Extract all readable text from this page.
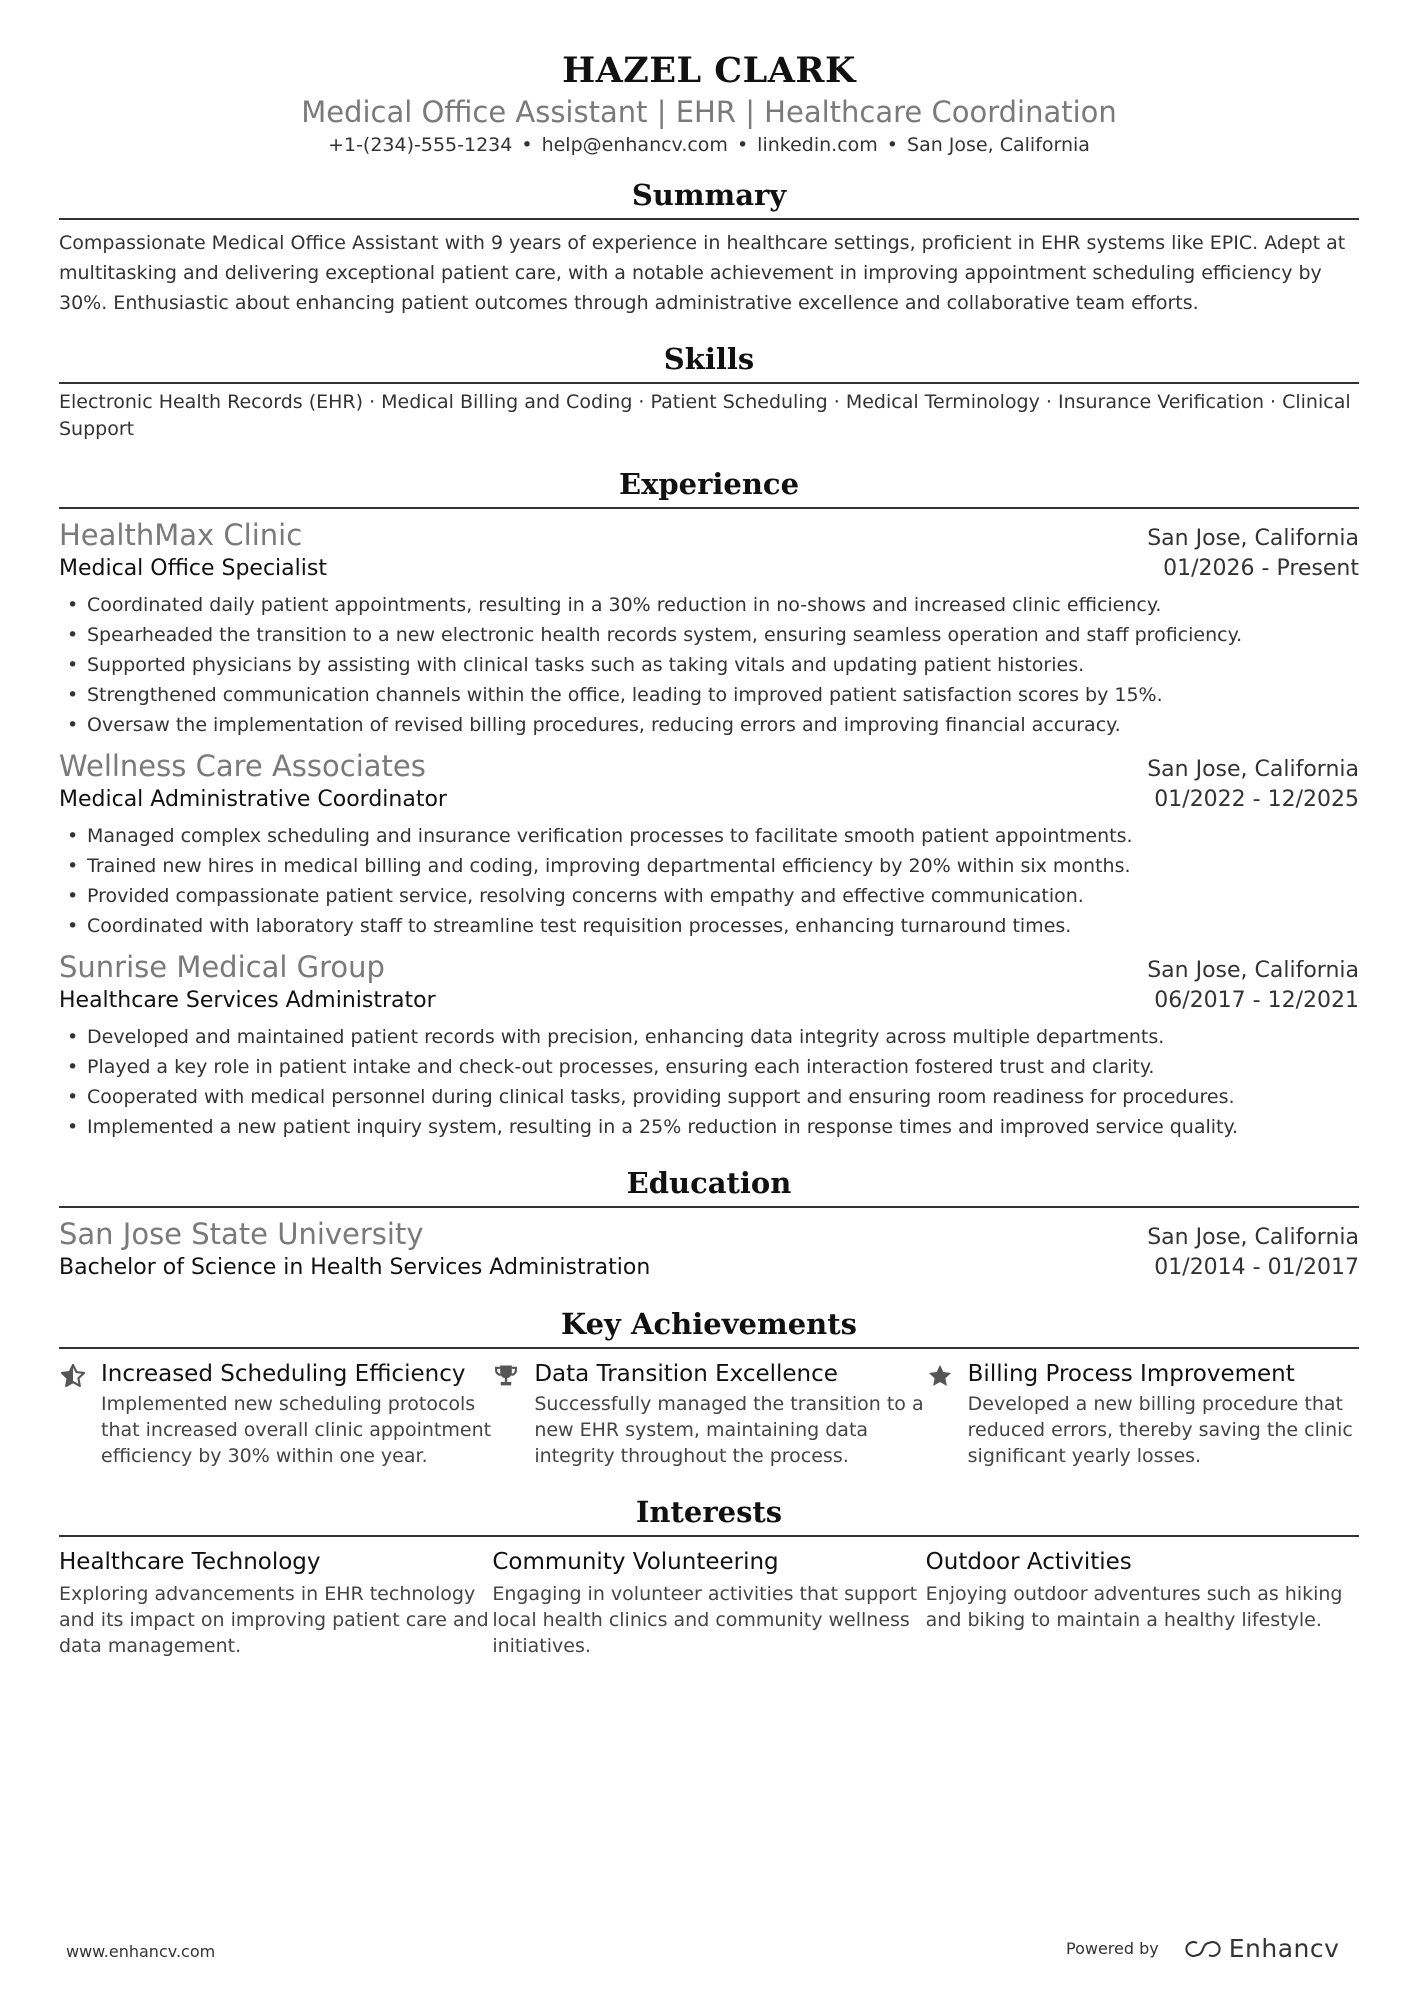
HAZEL CLARK
Medical Office Assistant | EHR | Healthcare Coordination
+1-(234)-555-1234 • help@enhancv.com • linkedin.com • San Jose, California
Summary
Compassionate Medical Office Assistant with 9 years of experience in healthcare settings, proficient in EHR systems like EPIC. Adept at multitasking and delivering exceptional patient care, with a notable achievement in improving appointment scheduling efficiency by 30%. Enthusiastic about enhancing patient outcomes through administrative excellence and collaborative team efforts.
Skills
Electronic Health Records (EHR) · Medical Billing and Coding · Patient Scheduling · Medical Terminology · Insurance Verification · Clinical Support
Experience
HealthMax Clinic	San Jose, California
Medical Office Specialist	01/2026 - Present
• Coordinated daily patient appointments, resulting in a 30% reduction in no-shows and increased clinic efficiency.
• Spearheaded the transition to a new electronic health records system, ensuring seamless operation and staff proficiency.
• Supported physicians by assisting with clinical tasks such as taking vitals and updating patient histories.
• Strengthened communication channels within the office, leading to improved patient satisfaction scores by 15%.
• Oversaw the implementation of revised billing procedures, reducing errors and improving financial accuracy.
Wellness Care Associates	San Jose, California
Medical Administrative Coordinator	01/2022 - 12/2025
• Managed complex scheduling and insurance verification processes to facilitate smooth patient appointments.
• Trained new hires in medical billing and coding, improving departmental efficiency by 20% within six months.
• Provided compassionate patient service, resolving concerns with empathy and effective communication.
• Coordinated with laboratory staff to streamline test requisition processes, enhancing turnaround times.
Sunrise Medical Group	San Jose, California
Healthcare Services Administrator	06/2017 - 12/2021
• Developed and maintained patient records with precision, enhancing data integrity across multiple departments.
• Played a key role in patient intake and check-out processes, ensuring each interaction fostered trust and clarity.
• Cooperated with medical personnel during clinical tasks, providing support and ensuring room readiness for procedures.
• Implemented a new patient inquiry system, resulting in a 25% reduction in response times and improved service quality.
Education
San Jose State University	San Jose, California
Bachelor of Science in Health Services Administration	01/2014 - 01/2017
Key Achievements
Increased Scheduling Efficiency
Implemented new scheduling protocols that increased overall clinic appointment efficiency by 30% within one year.
Data Transition Excellence
Successfully managed the transition to a new EHR system, maintaining data integrity throughout the process.
Billing Process Improvement
Developed a new billing procedure that reduced errors, thereby saving the clinic significant yearly losses.
Interests
Healthcare Technology
Exploring advancements in EHR technology and its impact on improving patient care and data management.
Community Volunteering
Engaging in volunteer activities that support local health clinics and community wellness initiatives.
Outdoor Activities
Enjoying outdoor adventures such as hiking and biking to maintain a healthy lifestyle.
www.enhancv.com	Powered by	Enhancv
